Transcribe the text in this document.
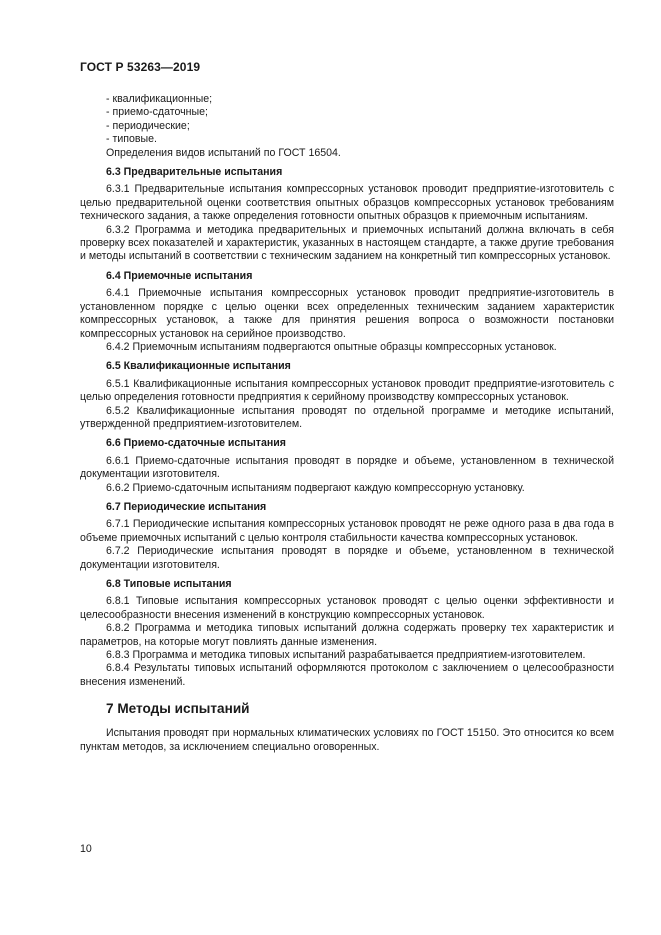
ГОСТ Р 53263—2019
- квалификационные;
- приемо-сдаточные;
- периодические;
- типовые.

Определения видов испытаний по ГОСТ 16504.

6.3 Предварительные испытания

6.3.1 Предварительные испытания компрессорных установок проводит предприятие-изготовитель с целью предварительной оценки соответствия опытных образцов компрессорных установок требованиям технического задания, а также определения готовности опытных образцов к приемочным испытаниям.

6.3.2 Программа и методика предварительных и приемочных испытаний должна включать в себя проверку всех показателей и характеристик, указанных в настоящем стандарте, а также другие требования и методы испытаний в соответствии с техническим заданием на конкретный тип компрессорных установок.

6.4 Приемочные испытания

6.4.1 Приемочные испытания компрессорных установок проводит предприятие-изготовитель в установленном порядке с целью оценки всех определенных техническим заданием характеристик компрессорных установок, а также для принятия решения вопроса о возможности постановки компрессорных установок на серийное производство.

6.4.2 Приемочным испытаниям подвергаются опытные образцы компрессорных установок.

6.5 Квалификационные испытания

6.5.1 Квалификационные испытания компрессорных установок проводит предприятие-изготовитель с целью определения готовности предприятия к серийному производству компрессорных установок.

6.5.2 Квалификационные испытания проводят по отдельной программе и методике испытаний, утвержденной предприятием-изготовителем.

6.6 Приемо-сдаточные испытания

6.6.1 Приемо-сдаточные испытания проводят в порядке и объеме, установленном в технической документации изготовителя.

6.6.2 Приемо-сдаточным испытаниям подвергают каждую компрессорную установку.

6.7 Периодические испытания

6.7.1 Периодические испытания компрессорных установок проводят не реже одного раза в два года в объеме приемочных испытаний с целью контроля стабильности качества компрессорных установок.

6.7.2 Периодические испытания проводят в порядке и объеме, установленном в технической документации изготовителя.

6.8 Типовые испытания

6.8.1 Типовые испытания компрессорных установок проводят с целью оценки эффективности и целесообразности внесения изменений в конструкцию компрессорных установок.

6.8.2 Программа и методика типовых испытаний должна содержать проверку тех характеристик и параметров, на которые могут повлиять данные изменения.

6.8.3 Программа и методика типовых испытаний разрабатывается предприятием-изготовителем.

6.8.4 Результаты типовых испытаний оформляются протоколом с заключением о целесообразности внесения изменений.

7 Методы испытаний

Испытания проводят при нормальных климатических условиях по ГОСТ 15150. Это относится ко всем пунктам методов, за исключением специально оговоренных.

10
